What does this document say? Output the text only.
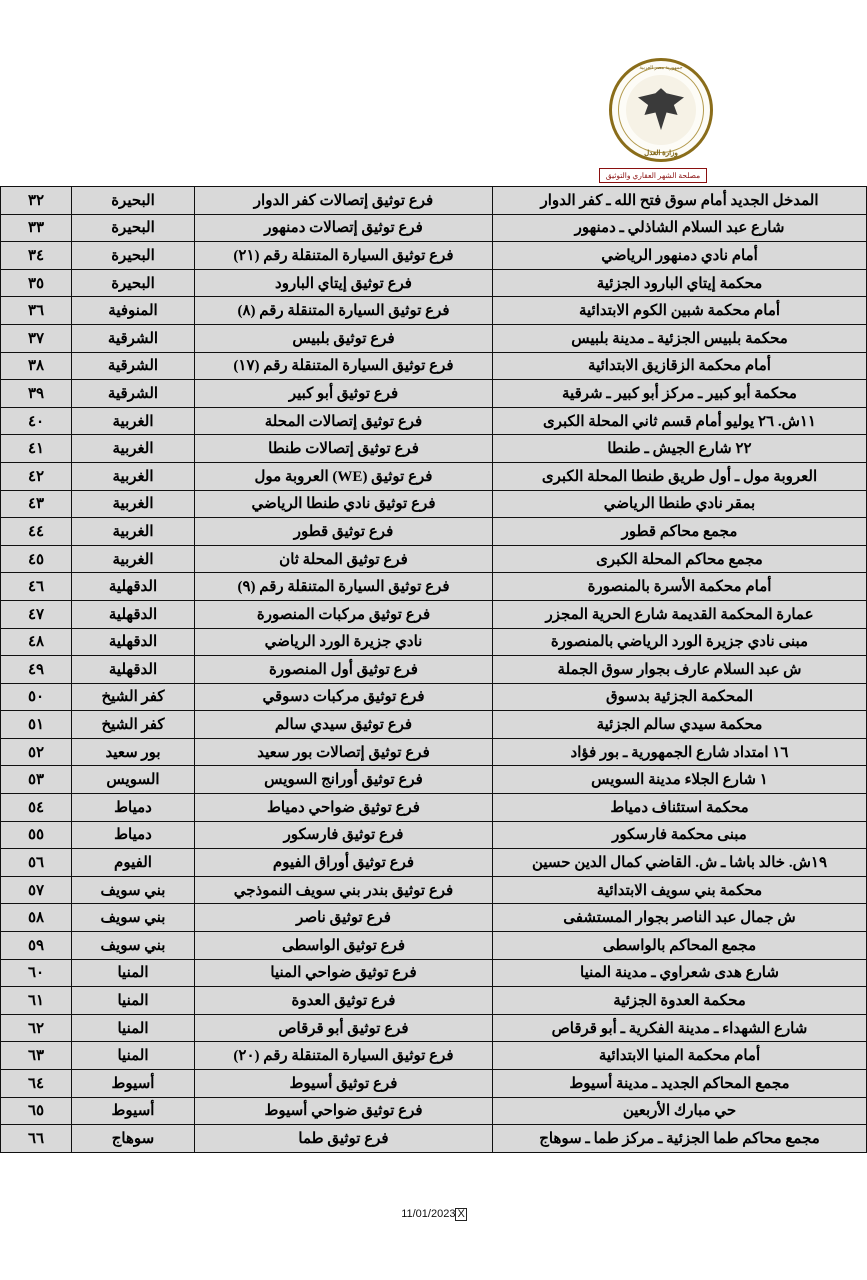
جمهورية مصر العربية
وزارة العدل
مصلحة الشهر العقاري والتوثيق
المدخل الجديد أمام سوق فتح الله ـ كفر الدوار	فرع توثيق إتصالات كفر الدوار	البحيرة	٣٢
شارع عبد السلام الشاذلي ـ دمنهور	فرع توثيق إتصالات دمنهور	البحيرة	٣٣
أمام نادي دمنهور الرياضي	فرع توثيق السيارة المتنقلة رقم (٢١)	البحيرة	٣٤
محكمة إيتاي البارود الجزئية	فرع توثيق إيتاي البارود	البحيرة	٣٥
أمام محكمة شبين الكوم الابتدائية	فرع توثيق السيارة المتنقلة رقم (٨)	المنوفية	٣٦
محكمة بلبيس الجزئية ـ مدينة بلبيس	فرع توثيق بلبيس	الشرقية	٣٧
أمام محكمة الزقازيق الابتدائية	فرع توثيق السيارة المتنقلة رقم (١٧)	الشرقية	٣٨
محكمة أبو كبير ـ مركز أبو كبير ـ شرقية	فرع توثيق أبو كبير	الشرقية	٣٩
١١ش. ٢٦ يوليو أمام قسم ثاني المحلة الكبرى	فرع توثيق إتصالات المحلة	الغربية	٤٠
٢٢ شارع الجيش ـ طنطا	فرع توثيق إتصالات طنطا	الغربية	٤١
العروبة مول ـ أول طريق طنطا المحلة الكبرى	فرع توثيق (WE) العروبة مول	الغربية	٤٢
بمقر نادي طنطا الرياضي	فرع توثيق نادي طنطا الرياضي	الغربية	٤٣
مجمع محاكم قطور	فرع توثيق قطور	الغربية	٤٤
مجمع محاكم المحلة الكبرى	فرع توثيق المحلة ثان	الغربية	٤٥
أمام محكمة الأسرة بالمنصورة	فرع توثيق السيارة المتنقلة رقم (٩)	الدقهلية	٤٦
عمارة المحكمة القديمة شارع الحرية المجزر	فرع توثيق مركبات المنصورة	الدقهلية	٤٧
مبنى نادي جزيرة الورد الرياضي بالمنصورة	نادي جزيرة الورد الرياضي	الدقهلية	٤٨
ش عبد السلام عارف بجوار سوق الجملة	فرع توثيق أول المنصورة	الدقهلية	٤٩
المحكمة الجزئية بدسوق	فرع توثيق مركبات دسوقي	كفر الشيخ	٥٠
محكمة سيدي سالم الجزئية	فرع توثيق سيدي سالم	كفر الشيخ	٥١
١٦ امتداد شارع الجمهورية ـ بور فؤاد	فرع توثيق إتصالات بور سعيد	بور سعيد	٥٢
١ شارع الجلاء مدينة السويس	فرع توثيق أورانج السويس	السويس	٥٣
محكمة استئناف دمياط	فرع توثيق ضواحي دمياط	دمياط	٥٤
مبنى محكمة فارسكور	فرع توثيق فارسكور	دمياط	٥٥
١٩ش. خالد باشا ـ ش. القاضي كمال الدين حسين	فرع توثيق أوراق الفيوم	الفيوم	٥٦
محكمة بني سويف الابتدائية	فرع توثيق بندر بني سويف النموذجي	بني سويف	٥٧
ش جمال عبد الناصر بجوار المستشفى	فرع توثيق ناصر	بني سويف	٥٨
مجمع المحاكم بالواسطى	فرع توثيق الواسطى	بني سويف	٥٩
شارع هدى شعراوي ـ مدينة المنيا	فرع توثيق ضواحي المنيا	المنيا	٦٠
محكمة العدوة الجزئية	فرع توثيق العدوة	المنيا	٦١
شارع الشهداء ـ مدينة الفكرية ـ أبو قرقاص	فرع توثيق أبو قرقاص	المنيا	٦٢
أمام محكمة المنيا الابتدائية	فرع توثيق السيارة المتنقلة رقم (٢٠)	المنيا	٦٣
مجمع المحاكم الجديد ـ مدينة أسيوط	فرع توثيق أسيوط	أسيوط	٦٤
حي مبارك الأربعين	فرع توثيق ضواحي أسيوط	أسيوط	٦٥
مجمع محاكم طما الجزئية ـ مركز طما ـ سوهاج	فرع توثيق طما	سوهاج	٦٦
11/01/2023 X
